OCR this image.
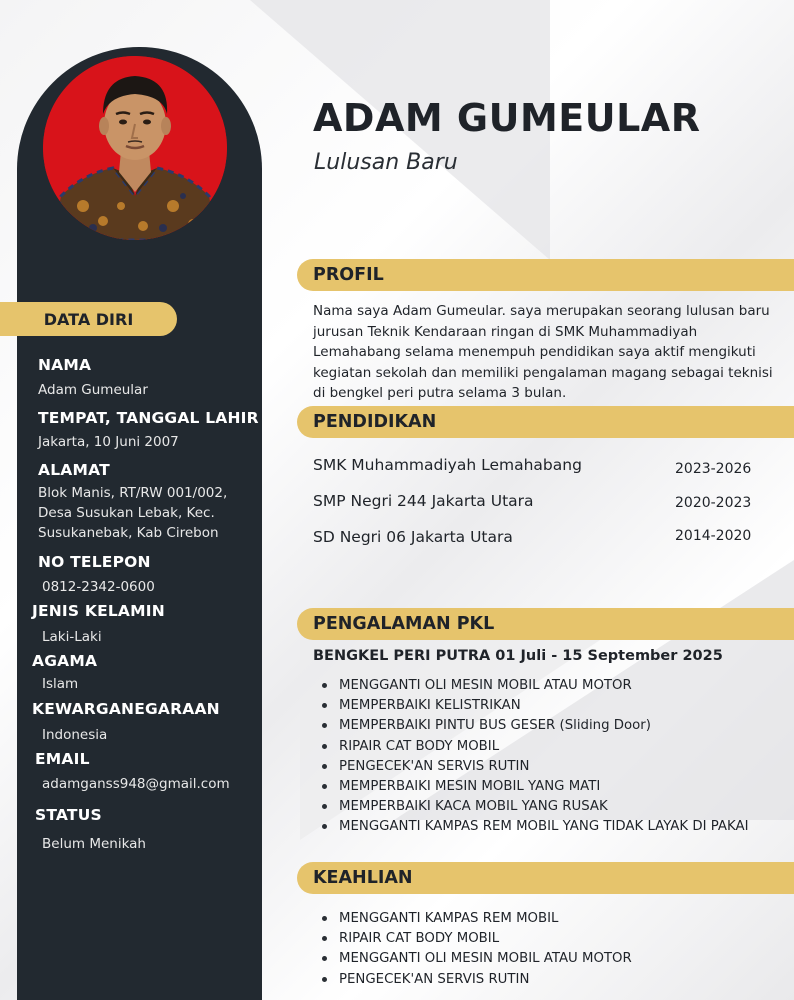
DATA DIRI
NAMA
Adam Gumeular
TEMPAT, TANGGAL LAHIR
Jakarta, 10 Juni 2007
ALAMAT
Blok Manis, RT/RW 001/002,
Desa Susukan Lebak, Kec.
Susukanebak, Kab Cirebon
NO TELEPON
0812-2342-0600
JENIS KELAMIN
Laki-Laki
AGAMA
Islam
KEWARGANEGARAAN
Indonesia
EMAIL
adamganss948@gmail.com
STATUS
Belum Menikah
ADAM GUMEULAR
Lulusan Baru
PROFIL
Nama saya Adam Gumeular. saya merupakan seorang lulusan baru jurusan Teknik Kendaraan ringan di SMK Muhammadiyah Lemahabang selama menempuh pendidikan saya aktif mengikuti kegiatan sekolah dan memiliki pengalaman magang sebagai teknisi di bengkel peri putra selama 3 bulan.
PENDIDIKAN
SMK Muhammadiyah Lemahabang	2023-2026
SMP Negri 244 Jakarta Utara	2020-2023
SD Negri 06 Jakarta Utara	2014-2020
PENGALAMAN PKL
BENGKEL PERI PUTRA 01 Juli - 15 September 2025
MENGGANTI OLI MESIN MOBIL ATAU MOTOR
MEMPERBAIKI KELISTRIKAN
MEMPERBAIKI PINTU BUS GESER (Sliding Door)
RIPAIR CAT BODY MOBIL
PENGECEK'AN SERVIS RUTIN
MEMPERBAIKI MESIN MOBIL YANG MATI
MEMPERBAIKI KACA MOBIL YANG RUSAK
MENGGANTI KAMPAS REM MOBIL YANG TIDAK LAYAK DI PAKAI
KEAHLIAN
MENGGANTI KAMPAS REM MOBIL
RIPAIR CAT BODY MOBIL
MENGGANTI OLI MESIN MOBIL ATAU MOTOR
PENGECEK'AN SERVIS RUTIN
